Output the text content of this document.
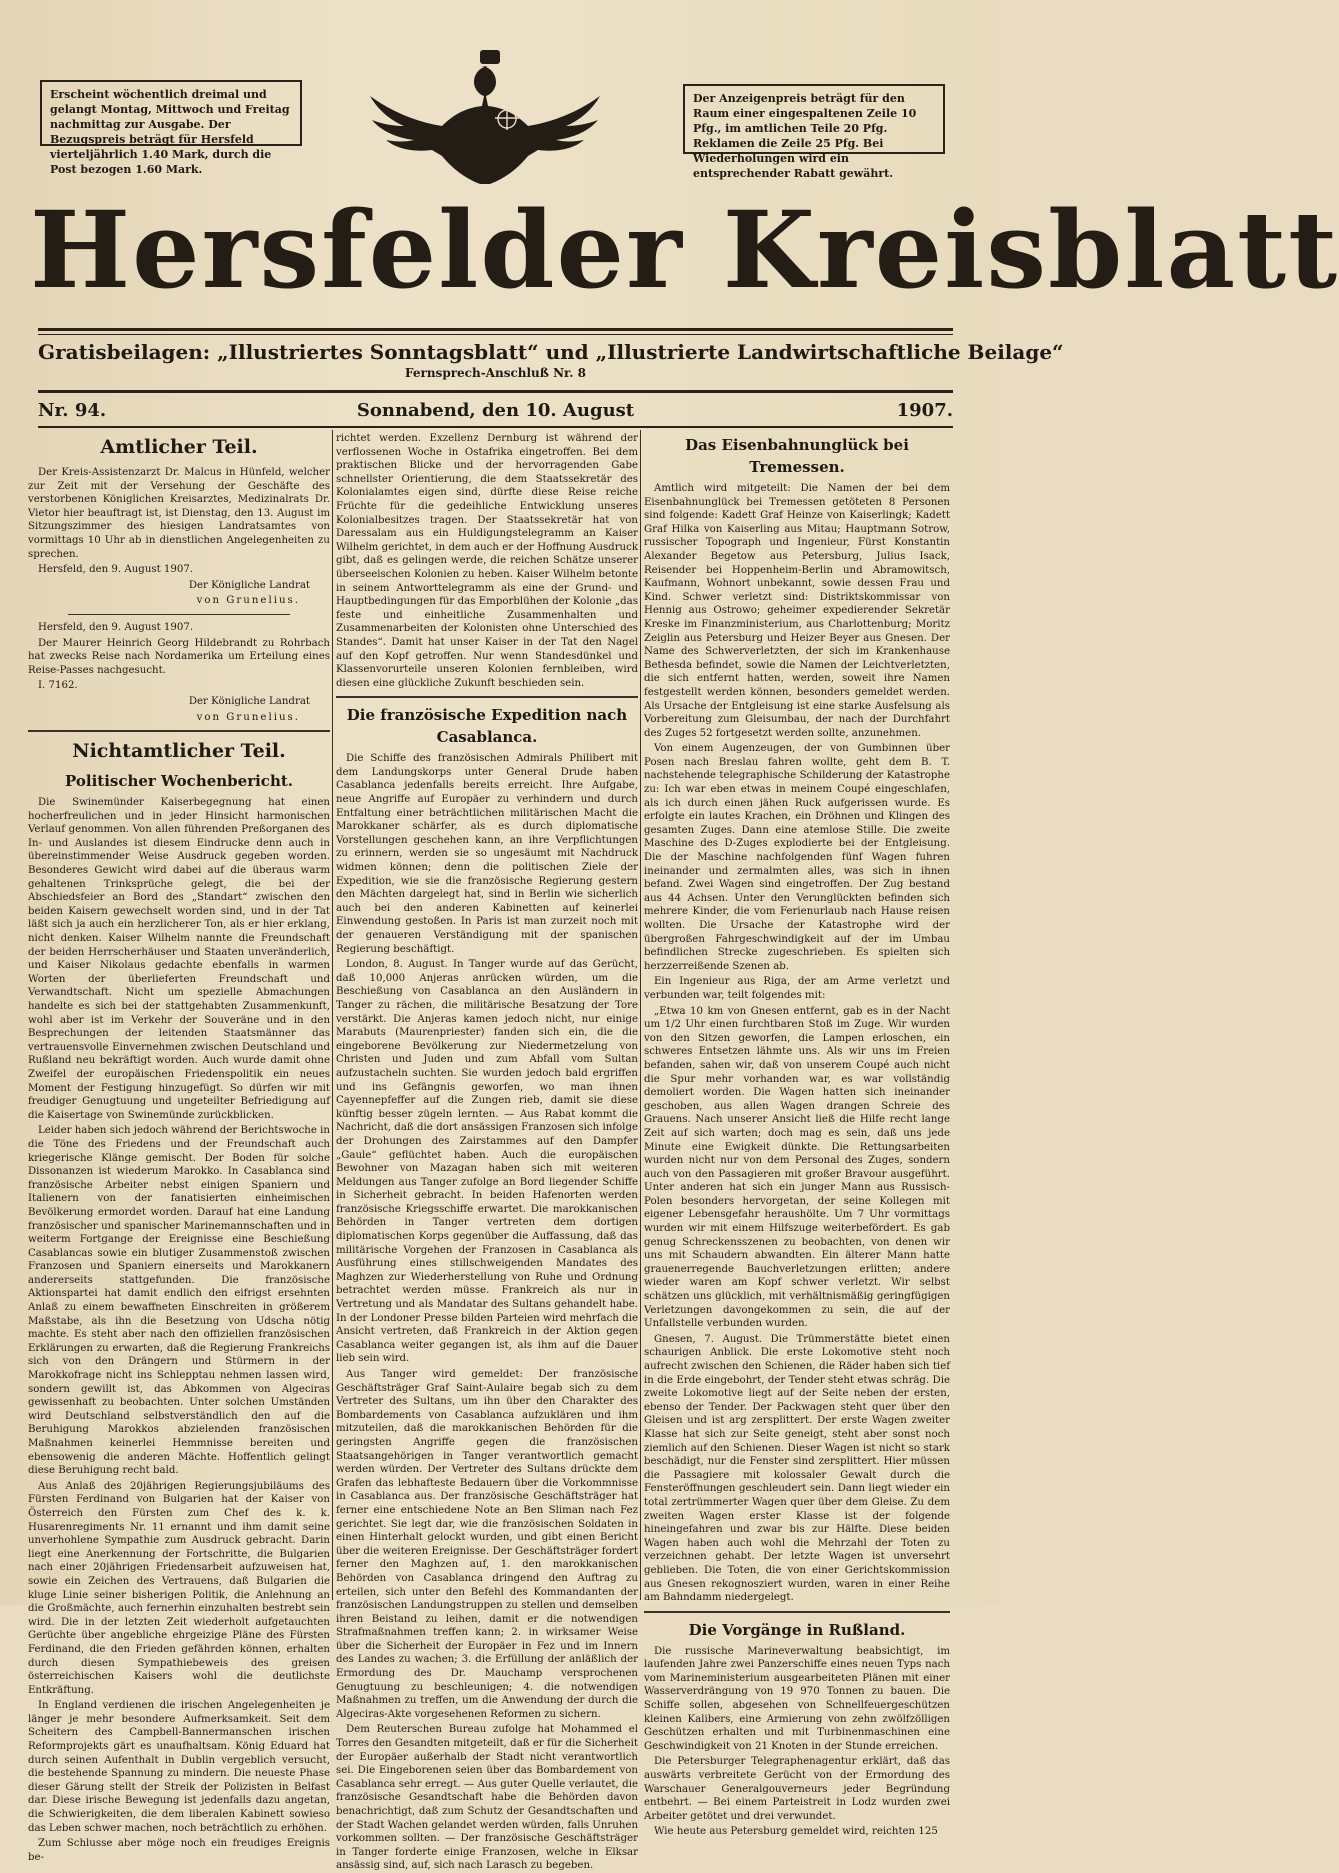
Erscheint wöchentlich dreimal und gelangt Montag, Mittwoch und Freitag nachmittag zur Ausgabe. Der Bezugspreis beträgt für Hersfeld vierteljährlich 1.40 Mark, durch die Post bezogen 1.60 Mark.
Der Anzeigenpreis beträgt für den Raum einer eingespaltenen Zeile 10 Pfg., im amtlichen Teile 20 Pfg. Reklamen die Zeile 25 Pfg. Bei Wiederholungen wird ein entsprechender Rabatt gewährt.
Hersfelder Kreisblatt
Gratisbeilagen: „Illustriertes Sonntagsblatt“ und „Illustrierte Landwirtschaftliche Beilage“
Fernsprech-Anschluß Nr. 8
Nr. 94.	Sonnabend, den 10. August	1907.
Amtlicher Teil.

Der Kreis-Assistenzarzt Dr. Malcus in Hünfeld, welcher zur Zeit mit der Versehung der Geschäfte des verstorbenen Königlichen Kreisarztes, Medizinalrats Dr. Vietor hier beauftragt ist, ist Dienstag, den 13. August im Sitzungszimmer des hiesigen Landratsamtes von vormittags 10 Uhr ab in dienstlichen Angelegenheiten zu sprechen.

Hersfeld, den 9. August 1907.

Der Königliche Landrat

von Grunelius.

Hersfeld, den 9. August 1907.

Der Maurer Heinrich Georg Hildebrandt zu Rohrbach hat zwecks Reise nach Nordamerika um Erteilung eines Reise-Passes nachgesucht.

I. 7162.

Der Königliche Landrat

von Grunelius.

Nichtamtlicher Teil.
Politischer Wochenbericht.

Die Swinemünder Kaiserbegegnung hat einen hocherfreulichen und in jeder Hinsicht harmonischen Verlauf genommen. Von allen führenden Preßorganen des In- und Auslandes ist diesem Eindrucke denn auch in übereinstimmender Weise Ausdruck gegeben worden. Besonderes Gewicht wird dabei auf die überaus warm gehaltenen Trinksprüche gelegt, die bei der Abschiedsfeier an Bord des „Standart“ zwischen den beiden Kaisern gewechselt worden sind, und in der Tat läßt sich ja auch ein herzlicherer Ton, als er hier erklang, nicht denken. Kaiser Wilhelm nannte die Freundschaft der beiden Herrscherhäuser und Staaten unveränderlich, und Kaiser Nikolaus gedachte ebenfalls in warmen Worten der überlieferten Freundschaft und Verwandtschaft. Nicht um spezielle Abmachungen handelte es sich bei der stattgehabten Zusammenkunft, wohl aber ist im Verkehr der Souveräne und in den Besprechungen der leitenden Staatsmänner das vertrauensvolle Einvernehmen zwischen Deutschland und Rußland neu bekräftigt worden. Auch wurde damit ohne Zweifel der europäischen Friedenspolitik ein neues Moment der Festigung hinzugefügt. So dürfen wir mit freudiger Genugtuung und ungeteilter Befriedigung auf die Kaisertage von Swinemünde zurückblicken.

Leider haben sich jedoch während der Berichtswoche in die Töne des Friedens und der Freundschaft auch kriegerische Klänge gemischt. Der Boden für solche Dissonanzen ist wiederum Marokko. In Casablanca sind französische Arbeiter nebst einigen Spaniern und Italienern von der fanatisierten einheimischen Bevölkerung ermordet worden. Darauf hat eine Landung französischer und spanischer Marinemannschaften und in weiterm Fortgange der Ereignisse eine Beschießung Casablancas sowie ein blutiger Zusammenstoß zwischen Franzosen und Spaniern einerseits und Marokkanern andererseits stattgefunden. Die französische Aktionspartei hat damit endlich den eifrigst ersehnten Anlaß zu einem bewaffneten Einschreiten in größerem Maßstabe, als ihn die Besetzung von Udscha nötig machte. Es steht aber nach den offiziellen französischen Erklärungen zu erwarten, daß die Regierung Frankreichs sich von den Drängern und Stürmern in der Marokkofrage nicht ins Schlepptau nehmen lassen wird, sondern gewillt ist, das Abkommen von Algeciras gewissenhaft zu beobachten. Unter solchen Umständen wird Deutschland selbstverständlich den auf die Beruhigung Marokkos abzielenden französischen Maßnahmen keinerlei Hemmnisse bereiten und ebensowenig die anderen Mächte. Hoffentlich gelingt diese Beruhigung recht bald.

Aus Anlaß des 20jährigen Regierungsjubiläums des Fürsten Ferdinand von Bulgarien hat der Kaiser von Österreich den Fürsten zum Chef des k. k. Husarenregiments Nr. 11 ernannt und ihm damit seine unverhohlene Sympathie zum Ausdruck gebracht. Darin liegt eine Anerkennung der Fortschritte, die Bulgarien nach einer 20jährigen Friedensarbeit aufzuweisen hat, sowie ein Zeichen des Vertrauens, daß Bulgarien die kluge Linie seiner bisherigen Politik, die Anlehnung an die Großmächte, auch fernerhin einzuhalten bestrebt sein wird. Die in der letzten Zeit wiederholt aufgetauchten Gerüchte über angebliche ehrgeizige Pläne des Fürsten Ferdinand, die den Frieden gefährden können, erhalten durch diesen Sympathiebeweis des greisen österreichischen Kaisers wohl die deutlichste Entkräftung.

In England verdienen die irischen Angelegenheiten je länger je mehr besondere Aufmerksamkeit. Seit dem Scheitern des Campbell-Bannermanschen irischen Reformprojekts gärt es unaufhaltsam. König Eduard hat durch seinen Aufenthalt in Dublin vergeblich versucht, die bestehende Spannung zu mindern. Die neueste Phase dieser Gärung stellt der Streik der Polizisten in Belfast dar. Diese irische Bewegung ist jedenfalls dazu angetan, die Schwierigkeiten, die dem liberalen Kabinett sowieso das Leben schwer machen, noch beträchtlich zu erhöhen.

Zum Schlusse aber möge noch ein freudiges Ereignis be-

richtet werden. Exzellenz Dernburg ist während der verflossenen Woche in Ostafrika eingetroffen. Bei dem praktischen Blicke und der hervorragenden Gabe schnellster Orientierung, die dem Staatssekretär des Kolonialamtes eigen sind, dürfte diese Reise reiche Früchte für die gedeihliche Entwicklung unseres Kolonialbesitzes tragen. Der Staatssekretär hat von Daressalam aus ein Huldigungstelegramm an Kaiser Wilhelm gerichtet, in dem auch er der Hoffnung Ausdruck gibt, daß es gelingen werde, die reichen Schätze unserer überseeischen Kolonien zu heben. Kaiser Wilhelm betonte in seinem Antworttelegramm als eine der Grund- und Hauptbedingungen für das Emporblühen der Kolonie „das feste und einheitliche Zusammenhalten und Zusammenarbeiten der Kolonisten ohne Unterschied des Standes“. Damit hat unser Kaiser in der Tat den Nagel auf den Kopf getroffen. Nur wenn Standesdünkel und Klassenvorurteile unseren Kolonien fernbleiben, wird diesen eine glückliche Zukunft beschieden sein.

Die französische Expedition nach Casablanca.

Die Schiffe des französischen Admirals Philibert mit dem Landungskorps unter General Drude haben Casablanca jedenfalls bereits erreicht. Ihre Aufgabe, neue Angriffe auf Europäer zu verhindern und durch Entfaltung einer beträchtlichen militärischen Macht die Marokkaner schärfer, als es durch diplomatische Vorstellungen geschehen kann, an ihre Verpflichtungen zu erinnern, werden sie so ungesäumt mit Nachdruck widmen können; denn die politischen Ziele der Expedition, wie sie die französische Regierung gestern den Mächten dargelegt hat, sind in Berlin wie sicherlich auch bei den anderen Kabinetten auf keinerlei Einwendung gestoßen. In Paris ist man zurzeit noch mit der genaueren Verständigung mit der spanischen Regierung beschäftigt.

London, 8. August. In Tanger wurde auf das Gerücht, daß 10,000 Anjeras anrücken würden, um die Beschießung von Casablanca an den Ausländern in Tanger zu rächen, die militärische Besatzung der Tore verstärkt. Die Anjeras kamen jedoch nicht, nur einige Marabuts (Maurenpriester) fanden sich ein, die die eingeborene Bevölkerung zur Niedermetzelung von Christen und Juden und zum Abfall vom Sultan aufzustacheln suchten. Sie wurden jedoch bald ergriffen und ins Gefängnis geworfen, wo man ihnen Cayennepfeffer auf die Zungen rieb, damit sie diese künftig besser zügeln lernten. — Aus Rabat kommt die Nachricht, daß die dort ansässigen Franzosen sich infolge der Drohungen des Zairstammes auf den Dampfer „Gaule“ geflüchtet haben. Auch die europäischen Bewohner von Mazagan haben sich mit weiteren Meldungen aus Tanger zufolge an Bord liegender Schiffe in Sicherheit gebracht. In beiden Hafenorten werden französische Kriegsschiffe erwartet. Die marokkanischen Behörden in Tanger vertreten dem dortigen diplomatischen Korps gegenüber die Auffassung, daß das militärische Vorgehen der Franzosen in Casablanca als Ausführung eines stillschweigenden Mandates des Maghzen zur Wiederherstellung von Ruhe und Ordnung betrachtet werden müsse. Frankreich als nur in Vertretung und als Mandatar des Sultans gehandelt habe. In der Londoner Presse bilden Parteien wird mehrfach die Ansicht vertreten, daß Frankreich in der Aktion gegen Casablanca weiter gegangen ist, als ihm auf die Dauer lieb sein wird.

Aus Tanger wird gemeldet: Der französische Geschäftsträger Graf Saint-Aulaire begab sich zu dem Vertreter des Sultans, um ihn über den Charakter des Bombardements von Casablanca aufzuklären und ihm mitzuteilen, daß die marokkanischen Behörden für die geringsten Angriffe gegen die französischen Staatsangehörigen in Tanger verantwortlich gemacht werden würden. Der Vertreter des Sultans drückte dem Grafen das lebhafteste Bedauern über die Vorkommnisse in Casablanca aus. Der französische Geschäftsträger hat ferner eine entschiedene Note an Ben Sliman nach Fez gerichtet. Sie legt dar, wie die französischen Soldaten in einen Hinterhalt gelockt wurden, und gibt einen Bericht über die weiteren Ereignisse. Der Geschäftsträger fordert ferner den Maghzen auf, 1. den marokkanischen Behörden von Casablanca dringend den Auftrag zu erteilen, sich unter den Befehl des Kommandanten der französischen Landungstruppen zu stellen und demselben ihren Beistand zu leihen, damit er die notwendigen Strafmaßnahmen treffen kann; 2. in wirksamer Weise über die Sicherheit der Europäer in Fez und im Innern des Landes zu wachen; 3. die Erfüllung der anläßlich der Ermordung des Dr. Mauchamp versprochenen Genugtuung zu beschleunigen; 4. die notwendigen Maßnahmen zu treffen, um die Anwendung der durch die Algeciras-Akte vorgesehenen Reformen zu sichern.

Dem Reuterschen Bureau zufolge hat Mohammed el Torres den Gesandten mitgeteilt, daß er für die Sicherheit der Europäer außerhalb der Stadt nicht verantwortlich sei. Die Eingeborenen seien über das Bombardement von Casablanca sehr erregt. — Aus guter Quelle verlautet, die französische Gesandtschaft habe die Behörden davon benachrichtigt, daß zum Schutz der Gesandtschaften und der Stadt Wachen gelandet werden würden, falls Unruhen vorkommen sollten. — Der französische Geschäftsträger in Tanger forderte einige Franzosen, welche in Elksar ansässig sind, auf, sich nach Larasch zu begeben.

Das Eisenbahnunglück bei Tremessen.

Amtlich wird mitgeteilt: Die Namen der bei dem Eisenbahnunglück bei Tremessen getöteten 8 Personen sind folgende: Kadett Graf Heinze von Kaiserlingk; Kadett Graf Hilka von Kaiserling aus Mitau; Hauptmann Sotrow, russischer Topograph und Ingenieur, Fürst Konstantin Alexander Begetow aus Petersburg, Julius Isack, Reisender bei Hoppenheim-Berlin und Abramowitsch, Kaufmann, Wohnort unbekannt, sowie dessen Frau und Kind. Schwer verletzt sind: Distriktskommissar von Hennig aus Ostrowo; geheimer expedierender Sekretär Kreske im Finanzministerium, aus Charlottenburg; Moritz Zeiglin aus Petersburg und Heizer Beyer aus Gnesen. Der Name des Schwerverletzten, der sich im Krankenhause Bethesda befindet, sowie die Namen der Leichtverletzten, die sich entfernt hatten, werden, soweit ihre Namen festgestellt werden können, besonders gemeldet werden. Als Ursache der Entgleisung ist eine starke Ausfelsung als Vorbereitung zum Gleisumbau, der nach der Durchfahrt des Zuges 52 fortgesetzt werden sollte, anzunehmen.

Von einem Augenzeugen, der von Gumbinnen über Posen nach Breslau fahren wollte, geht dem B. T. nachstehende telegraphische Schilderung der Katastrophe zu: Ich war eben etwas in meinem Coupé eingeschlafen, als ich durch einen jähen Ruck aufgerissen wurde. Es erfolgte ein lautes Krachen, ein Dröhnen und Klingen des gesamten Zuges. Dann eine atemlose Stille. Die zweite Maschine des D-Zuges explodierte bei der Entgleisung. Die der Maschine nachfolgenden fünf Wagen fuhren ineinander und zermalmten alles, was sich in ihnen befand. Zwei Wagen sind eingetroffen. Der Zug bestand aus 44 Achsen. Unter den Verunglückten befinden sich mehrere Kinder, die vom Ferienurlaub nach Hause reisen wollten. Die Ursache der Katastrophe wird der übergroßen Fahrgeschwindigkeit auf der im Umbau befindlichen Strecke zugeschrieben. Es spielten sich herzzerreißende Szenen ab.

Ein Ingenieur aus Riga, der am Arme verletzt und verbunden war, teilt folgendes mit:

„Etwa 10 km von Gnesen entfernt, gab es in der Nacht um 1/2 Uhr einen furchtbaren Stoß im Zuge. Wir wurden von den Sitzen geworfen, die Lampen erloschen, ein schweres Entsetzen lähmte uns. Als wir uns im Freien befanden, sahen wir, daß von unserem Coupé auch nicht die Spur mehr vorhanden war, es war vollständig demoliert worden. Die Wagen hatten sich ineinander geschoben, aus allen Wagen drangen Schreie des Grauens. Nach unserer Ansicht ließ die Hilfe recht lange Zeit auf sich warten; doch mag es sein, daß uns jede Minute eine Ewigkeit dünkte. Die Rettungsarbeiten wurden nicht nur von dem Personal des Zuges, sondern auch von den Passagieren mit großer Bravour ausgeführt. Unter anderen hat sich ein junger Mann aus Russisch-Polen besonders hervorgetan, der seine Kollegen mit eigener Lebensgefahr heraushölte. Um 7 Uhr vormittags wurden wir mit einem Hilfszuge weiterbefördert. Es gab genug Schreckensszenen zu beobachten, von denen wir uns mit Schaudern abwandten. Ein älterer Mann hatte grauenerregende Bauchverletzungen erlitten; andere wieder waren am Kopf schwer verletzt. Wir selbst schätzen uns glücklich, mit verhältnismäßig geringfügigen Verletzungen davongekommen zu sein, die auf der Unfallstelle verbunden wurden.

Gnesen, 7. August. Die Trümmerstätte bietet einen schaurigen Anblick. Die erste Lokomotive steht noch aufrecht zwischen den Schienen, die Räder haben sich tief in die Erde eingebohrt, der Tender steht etwas schräg. Die zweite Lokomotive liegt auf der Seite neben der ersten, ebenso der Tender. Der Packwagen steht quer über den Gleisen und ist arg zersplittert. Der erste Wagen zweiter Klasse hat sich zur Seite geneigt, steht aber sonst noch ziemlich auf den Schienen. Dieser Wagen ist nicht so stark beschädigt, nur die Fenster sind zersplittert. Hier müssen die Passagiere mit kolossaler Gewalt durch die Fensteröffnungen geschleudert sein. Dann liegt wieder ein total zertrümmerter Wagen quer über dem Gleise. Zu dem zweiten Wagen erster Klasse ist der folgende hineingefahren und zwar bis zur Hälfte. Diese beiden Wagen haben auch wohl die Mehrzahl der Toten zu verzeichnen gehabt. Der letzte Wagen ist unversehrt geblieben. Die Toten, die von einer Gerichtskommission aus Gnesen rekognosziert wurden, waren in einer Reihe am Bahndamm niedergelegt.

Die Vorgänge in Rußland.

Die russische Marineverwaltung beabsichtigt, im laufenden Jahre zwei Panzerschiffe eines neuen Typs nach vom Marineministerium ausgearbeiteten Plänen mit einer Wasserverdrängung von 19 970 Tonnen zu bauen. Die Schiffe sollen, abgesehen von Schnellfeuergeschützen kleinen Kalibers, eine Armierung von zehn zwölfzölligen Geschützen erhalten und mit Turbinenmaschinen eine Geschwindigkeit von 21 Knoten in der Stunde erreichen.

Die Petersburger Telegraphenagentur erklärt, daß das auswärts verbreitete Gerücht von der Ermordung des Warschauer Generalgouverneurs jeder Begründung entbehrt. — Bei einem Parteistreit in Lodz wurden zwei Arbeiter getötet und drei verwundet.

Wie heute aus Petersburg gemeldet wird, reichten 125
